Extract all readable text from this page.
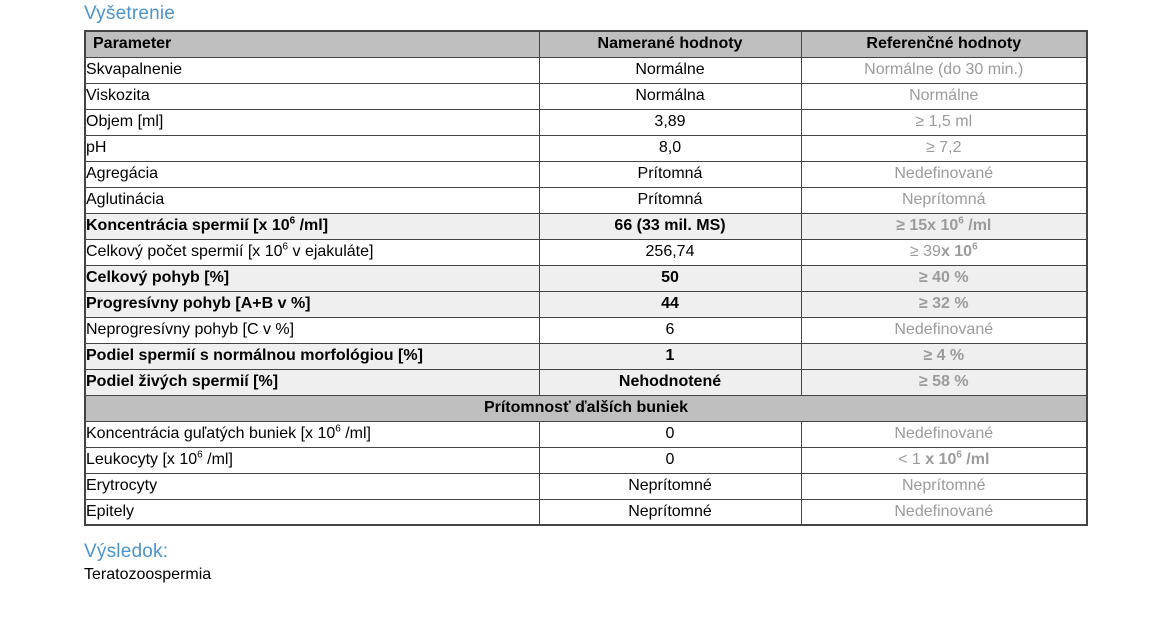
Vyšetrenie
Parameter	Namerané hodnoty	Referenčné hodnoty
Skvapalnenie	Normálne	Normálne (do 30 min.)
Viskozita	Normálna	Normálne
Objem [ml]	3,89	≥ 1,5 ml
pH	8,0	≥ 7,2
Agregácia	Prítomná	Nedefinované
Aglutinácia	Prítomná	Neprítomná
Koncentrácia spermií [x $10^6$ /ml]	66 (33 mil. MS)	≥ 15x $10^6$ /ml
Celkový počet spermií [x $10^6$ v ejakuláte]	256,74	≥ 39x $10^6$
Celkový pohyb [%]	50	≥ 40 %
Progresívny pohyb [A+B v %]	44	≥ 32 %
Neprogresívny pohyb [C v %]	6	Nedefinované
Podiel spermií s normálnou morfológiou [%]	1	≥ 4 %
Podiel živých spermií [%]	Nehodnotené	≥ 58 %
Prítomnosť ďalších buniek		
Koncentrácia guľatých buniek [x $10^6$ /ml]	0	Nedefinované
Leukocyty [x $10^6$ /ml]	0	< 1 x $10^6$ /ml
Erytrocyty	Neprítomné	Neprítomné
Epitely	Neprítomné	Nedefinované
Výsledok:
Teratozoospermia
